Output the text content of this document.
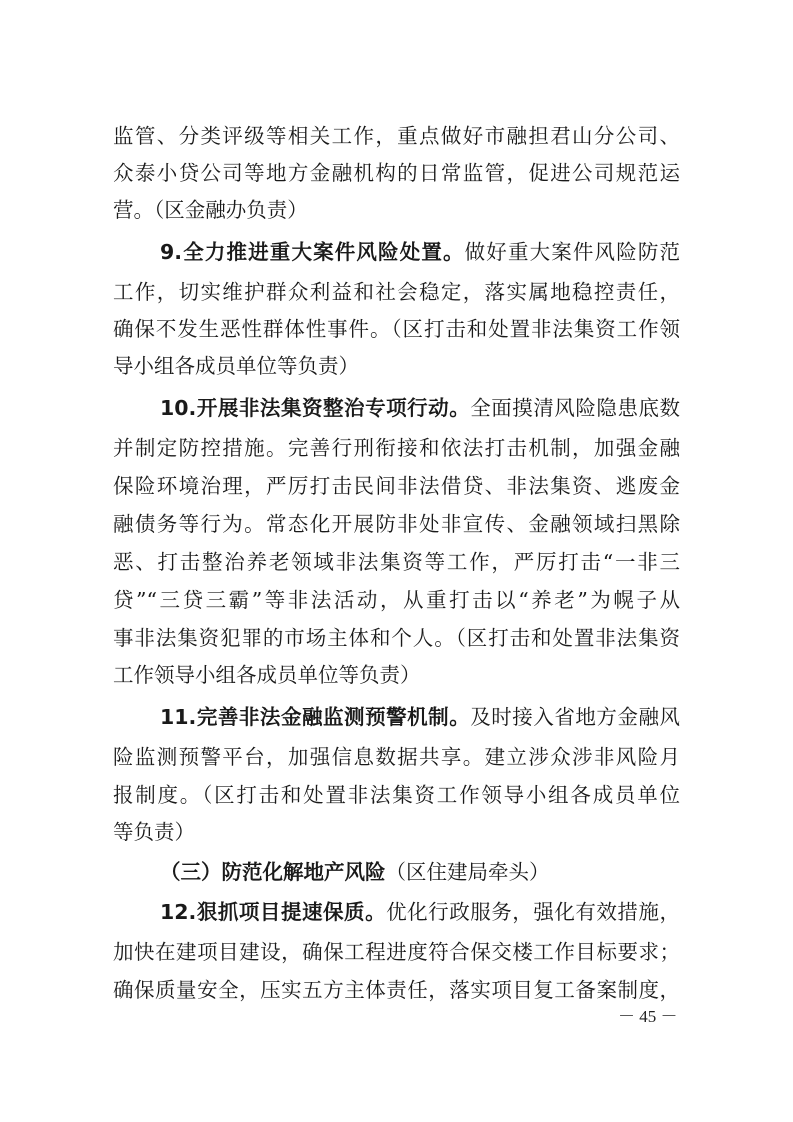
监管、分类评级等相关工作，重点做好市融担君山分公司、
众泰小贷公司等地方金融机构的日常监管，促进公司规范运
营。（区金融办负责）
9.全力推进重大案件风险处置。做好重大案件风险防范
工作，切实维护群众利益和社会稳定，落实属地稳控责任，
确保不发生恶性群体性事件。（区打击和处置非法集资工作领
导小组各成员单位等负责）
10.开展非法集资整治专项行动。全面摸清风险隐患底数
并制定防控措施。完善行刑衔接和依法打击机制，加强金融
保险环境治理，严厉打击民间非法借贷、非法集资、逃废金
融债务等行为。常态化开展防非处非宣传、金融领域扫黑除
恶、打击整治养老领域非法集资等工作，严厉打击“一非三
贷”“三贷三霸”等非法活动，从重打击以“养老”为幌子从
事非法集资犯罪的市场主体和个人。（区打击和处置非法集资
工作领导小组各成员单位等负责）
11.完善非法金融监测预警机制。及时接入省地方金融风
险监测预警平台，加强信息数据共享。建立涉众涉非风险月
报制度。（区打击和处置非法集资工作领导小组各成员单位
等负责）
（三）防范化解地产风险（区住建局牵头）
12.狠抓项目提速保质。优化行政服务，强化有效措施，
加快在建项目建设，确保工程进度符合保交楼工作目标要求；
确保质量安全，压实五方主体责任，落实项目复工备案制度，
－ 45 －
